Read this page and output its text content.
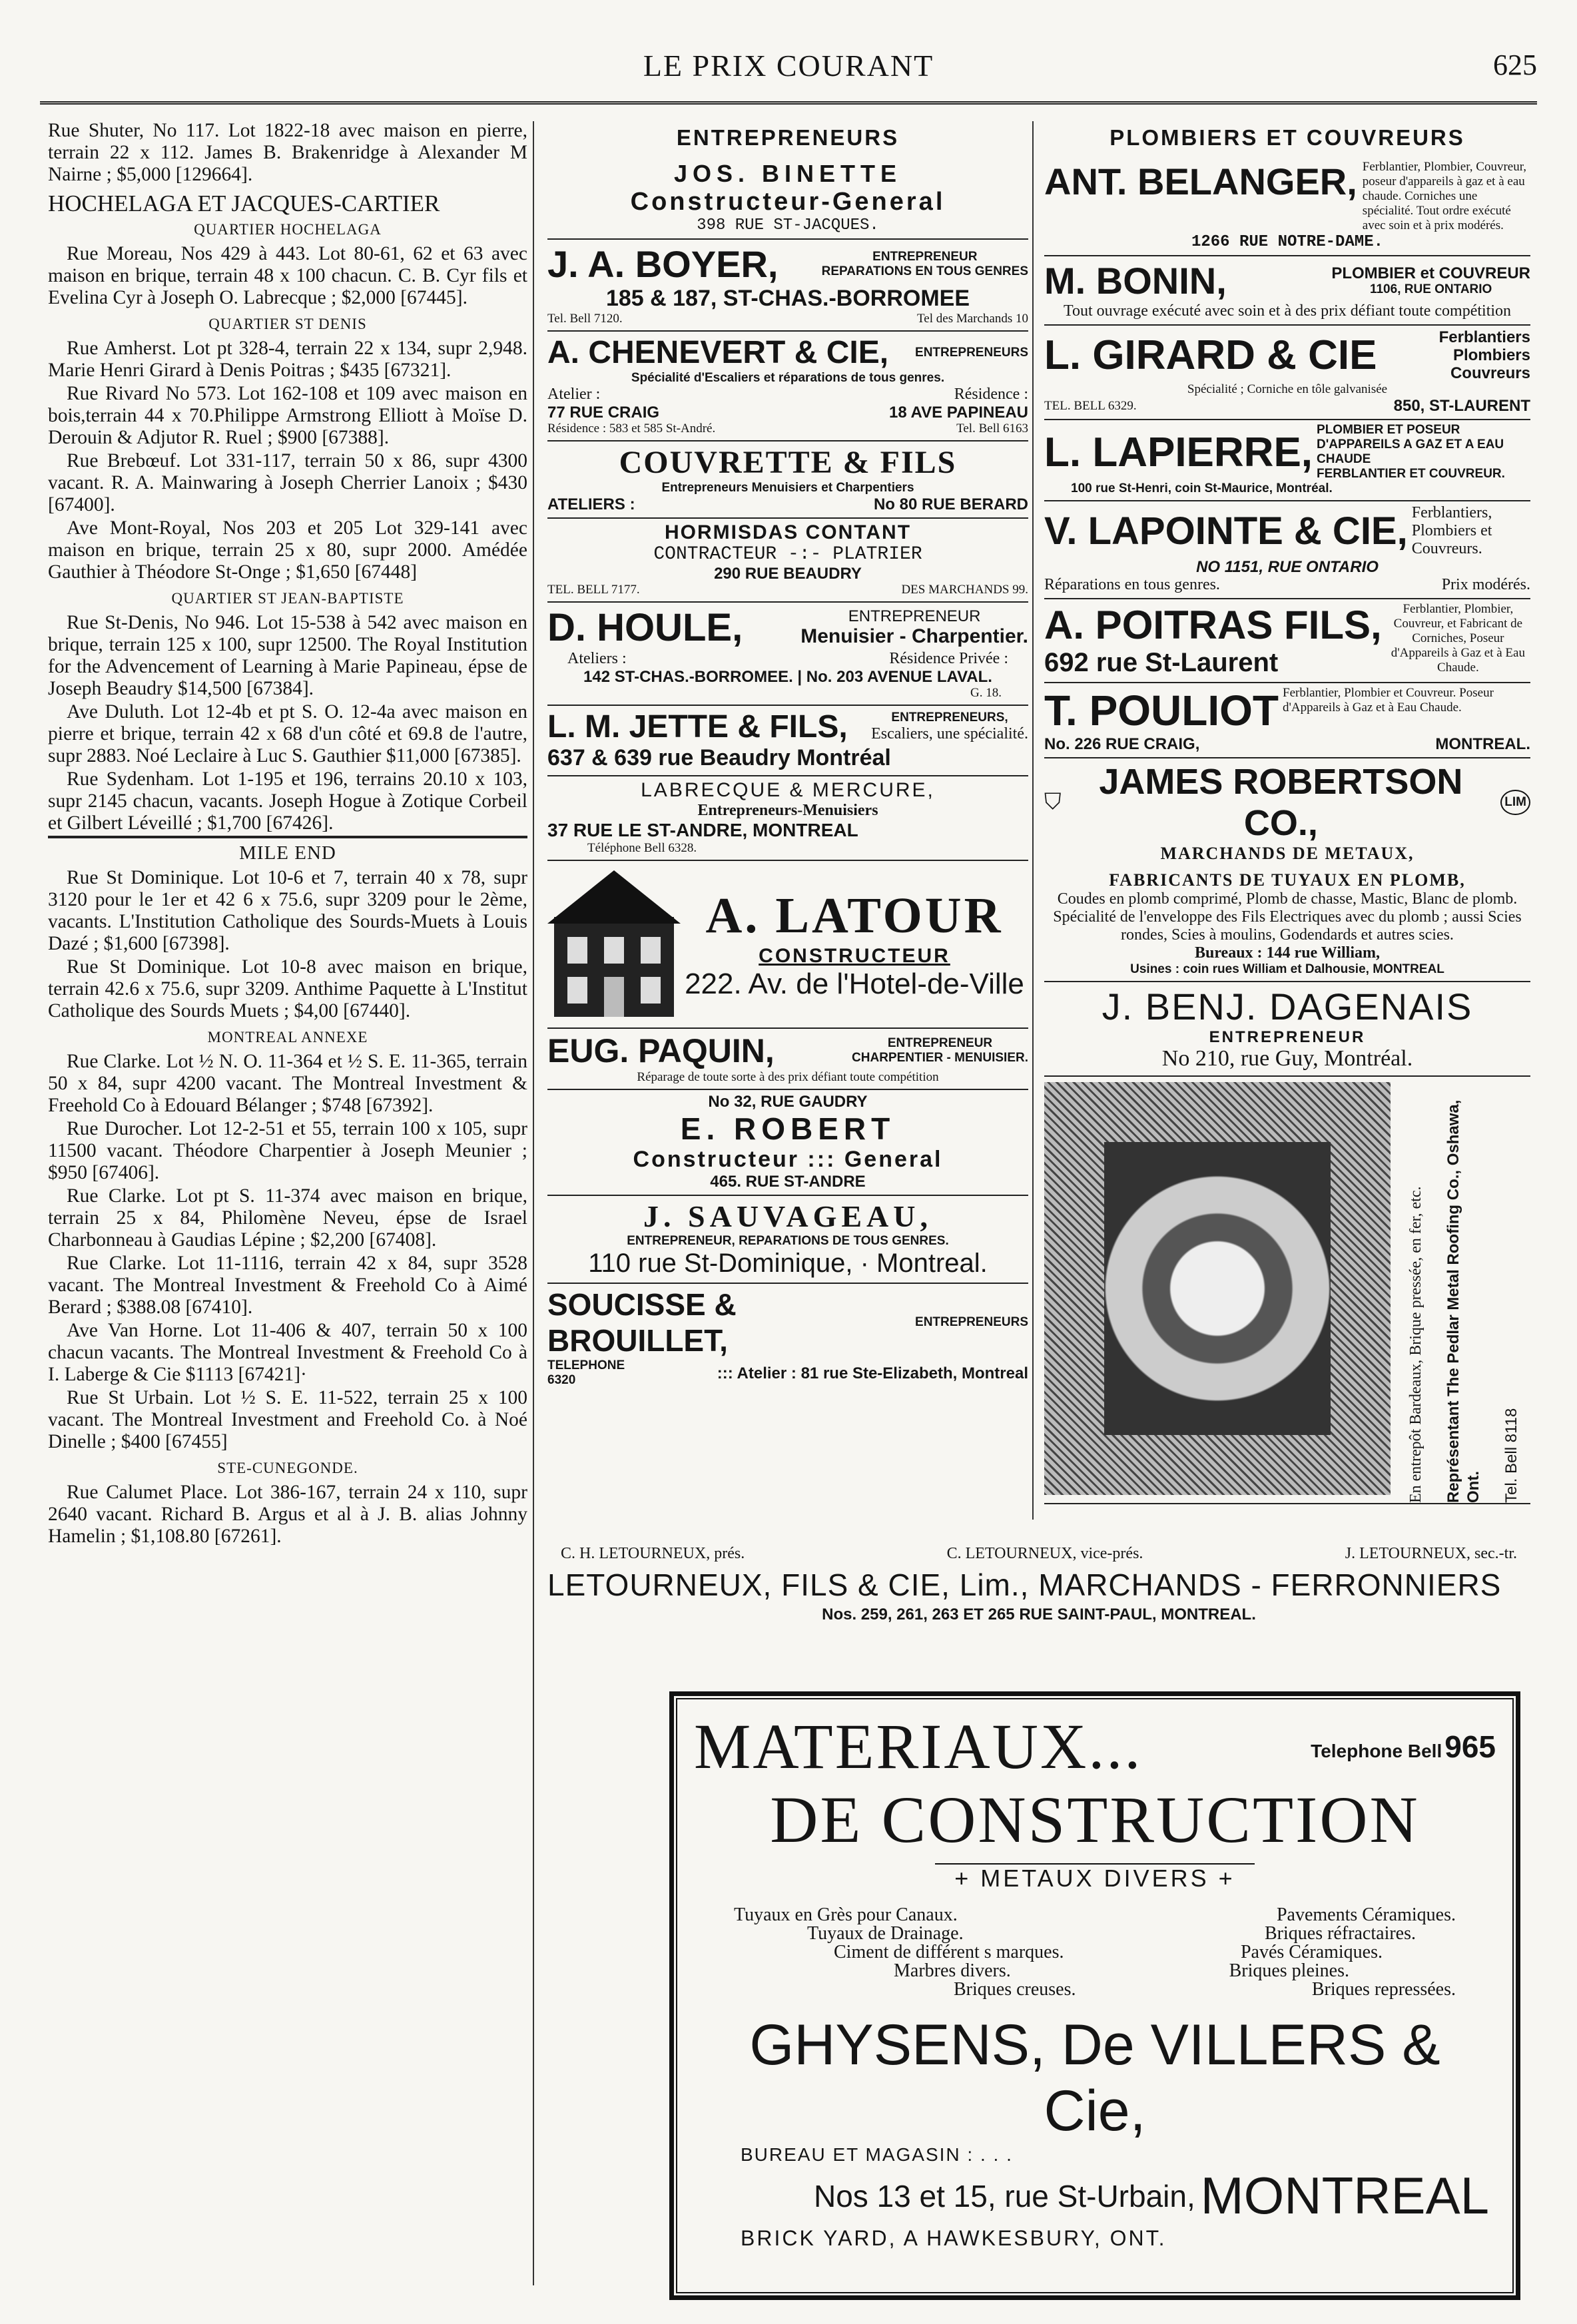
LE PRIX COURANT	625

Rue Shuter, No 117. Lot 1822-18 avec maison en pierre, terrain 22 x 112. James B. Brakenridge à Alexander M Nairne ; $5,000 [129664].

HOCHELAGA ET JACQUES-CARTIER
QUARTIER HOCHELAGA

Rue Moreau, Nos 429 à 443. Lot 80-61, 62 et 63 avec maison en brique, terrain 48 x 100 chacun. C. B. Cyr fils et Evelina Cyr à Joseph O. Labrecque ; $2,000 [67445].

QUARTIER ST DENIS

Rue Amherst. Lot pt 328-4, terrain 22 x 134, supr 2,948. Marie Henri Girard à Denis Poitras ; $435 [67321].

Rue Rivard No 573. Lot 162-108 et 109 avec maison en bois,terrain 44 x 70.Philippe Armstrong Elliott à Moïse D. Derouin & Adjutor R. Ruel ; $900 [67388].

Rue Brebœuf. Lot 331-117, terrain 50 x 86, supr 4300 vacant. R. A. Mainwaring à Joseph Cherrier Lanoix ; $430 [67400].

Ave Mont-Royal, Nos 203 et 205 Lot 329-141 avec maison en brique, terrain 25 x 80, supr 2000. Amédée Gauthier à Théodore St-Onge ; $1,650 [67448]

QUARTIER ST JEAN-BAPTISTE

Rue St-Denis, No 946. Lot 15-538 à 542 avec maison en brique, terrain 125 x 100, supr 12500. The Royal Institution for the Advencement of Learning à Marie Papineau, épse de Joseph Beaudry $14,500 [67384].

Ave Duluth. Lot 12-4b et pt S. O. 12-4a avec maison en pierre et brique, terrain 42 x 68 d'un côté et 69.8 de l'autre, supr 2883. Noé Leclaire à Luc S. Gauthier $11,000 [67385].

Rue Sydenham. Lot 1-195 et 196, terrains 20.10 x 103, supr 2145 chacun, vacants. Joseph Hogue à Zotique Corbeil et Gilbert Léveillé ; $1,700 [67426].

MILE END

Rue St Dominique. Lot 10-6 et 7, terrain 40 x 78, supr 3120 pour le 1er et 42 6 x 75.6, supr 3209 pour le 2ème, vacants. L'Institution Catholique des Sourds-Muets à Louis Dazé ; $1,600 [67398].

Rue St Dominique. Lot 10-8 avec maison en brique, terrain 42.6 x 75.6, supr 3209. Anthime Paquette à L'Institut Catholique des Sourds Muets ; $4,00 [67440].

MONTREAL ANNEXE

Rue Clarke. Lot ½ N. O. 11-364 et ½ S. E. 11-365, terrain 50 x 84, supr 4200 vacant. The Montreal Investment & Freehold Co à Edouard Bélanger ; $748 [67392].

Rue Durocher. Lot 12-2-51 et 55, terrain 100 x 105, supr 11500 vacant. Théodore Charpentier à Joseph Meunier ; $950 [67406].

Rue Clarke. Lot pt S. 11-374 avec maison en brique, terrain 25 x 84, Philomène Neveu, épse de Israel Charbonneau à Gaudias Lépine ; $2,200 [67408].

Rue Clarke. Lot 11-1116, terrain 42 x 84, supr 3528 vacant. The Montreal Investment & Freehold Co à Aimé Berard ; $388.08 [67410].

Ave Van Horne. Lot 11-406 & 407, terrain 50 x 100 chacun vacants. The Montreal Investment & Freehold Co à I. Laberge & Cie $1113 [67421]·

Rue St Urbain. Lot ½ S. E. 11-522, terrain 25 x 100 vacant. The Montreal Investment and Freehold Co. à Noé Dinelle ; $400 [67455]

STE-CUNEGONDE.

Rue Calumet Place. Lot 386-167, terrain 24 x 110, supr 2640 vacant. Richard B. Argus et al à J. B. alias Johnny Hamelin ; $1,108.80 [67261].

ENTREPRENEURS
JOS. BINETTE
Constructeur-General
398 RUE ST-JACQUES.
J. A. BOYER,	ENTREPRENEUR
REPARATIONS EN TOUS GENRES
185 & 187, ST-CHAS.-BORROMEE
Tel. Bell 7120.	Tel des Marchands 10
A. CHENEVERT & CIE, ENTREPRENEURS
Spécialité d'Escaliers et réparations de tous genres.
Atelier :	Résidence :
77 RUE CRAIG	18 AVE PAPINEAU
Résidence : 583 et 585 St-André.	Tel. Bell 6163
COUVRETTE & FILS
Entrepreneurs Menuisiers et Charpentiers
ATELIERS :	No 80 RUE BERARD
HORMISDAS CONTANT
CONTRACTEUR -:- PLATRIER
290 RUE BEAUDRY
TEL. BELL 7177.	DES MARCHANDS 99.
D. HOULE,	ENTREPRENEUR
Menuisier - Charpentier.
Ateliers :	Résidence Privée :
142 ST-CHAS.-BORROMEE. | No. 203 AVENUE LAVAL.
G. 18.
L. M. JETTE & FILS,	ENTREPRENEURS,
Escaliers, une spécialité.
637 & 639 rue Beaudry Montréal
LABRECQUE & MERCURE,
Entrepreneurs-Menuisiers
37 RUE LE ST-ANDRE, MONTREAL
Téléphone Bell 6328.
A. LATOUR
CONSTRUCTEUR
222. Av. de l'Hotel-de-Ville
EUG. PAQUIN,	ENTREPRENEUR
CHARPENTIER - MENUISIER.
Réparage de toute sorte à des prix défiant toute compétition
No 32, RUE GAUDRY
E. ROBERT
Constructeur ::: General
465. RUE ST-ANDRE
J. SAUVAGEAU,
ENTREPRENEUR, REPARATIONS DE TOUS GENRES.
110 rue St-Dominique, · Montreal.
SOUCISSE & BROUILLET,
ENTREPRENEURS
TELEPHONE
6320	::: Atelier : 81 rue Ste-Elizabeth, Montreal
PLOMBIERS ET COUVREURS
ANT. BELANGER, Ferblantier, Plombier, Couvreur, poseur d'appareils à gaz et à eau chaude. Corniches une spécialité. Tout ordre exécuté avec soin et à prix modérés.
1266 RUE NOTRE-DAME.
M. BONIN,	PLOMBIER et COUVREUR
1106, RUE ONTARIO
Tout ouvrage exécuté avec soin et à des prix défiant toute compétition
L. GIRARD & CIE	Ferblantiers
Plombiers
Couvreurs
Spécialité ; Corniche en tôle galvanisée
TEL. BELL 6329.	850, ST-LAURENT
L. LAPIERRE, PLOMBIER ET POSEUR D'APPAREILS A GAZ ET A EAU CHAUDE
FERBLANTIER ET COUVREUR.
100 rue St-Henri, coin St-Maurice, Montréal.
V. LAPOINTE & CIE, Ferblantiers, Plombiers et Couvreurs.
NO 1151, RUE ONTARIO
Réparations en tous genres.	Prix modérés.
A. POITRAS FILS, 692 rue St-Laurent
Ferblantier, Plombier, Couvreur, et Fabricant de Corniches, Poseur d'Appareils à Gaz et à Eau Chaude.
T. POULIOT Ferblantier, Plombier et Couvreur. Poseur d'Appareils à Gaz et à Eau Chaude.
No. 226 RUE CRAIG,	MONTREAL.
⛉
JAMES ROBERTSON CO.,
LIM
MARCHANDS DE METAUX,
FABRICANTS DE TUYAUX EN PLOMB,
Coudes en plomb comprimé, Plomb de chasse, Mastic, Blanc de plomb. Spécialité de l'enveloppe des Fils Electriques avec du plomb ; aussi Scies rondes, Scies à moulins, Godendards et autres scies.
Bureaux : 144 rue William,
Usines : coin rues William et Dalhousie, MONTREAL
J. BENJ. DAGENAIS
ENTREPRENEUR
No 210, rue Guy, Montréal.
En entrepôt Bardeaux, Brique pressée, en fer, etc. Représentant The Pedlar Metal Roofing Co., Oshawa, Ont. Tel. Bell 8118
C. H. LETOURNEUX, prés.	C. LETOURNEUX, vice-prés.	J. LETOURNEUX, sec.-tr.
LETOURNEUX, FILS & CIE, Lim., MARCHANDS - FERRONNIERS
Nos. 259, 261, 263 ET 265 RUE SAINT-PAUL, MONTREAL.
MATERIAUX...	Telephone Bell 965
DE CONSTRUCTION
+ METAUX DIVERS +
Tuyaux en Grès pour Canaux.	Pavements Céramiques.
Tuyaux de Drainage.	Briques réfractaires.
Ciment de différent s marques.	Pavés Céramiques.
Marbres divers.	Briques pleines.
Briques creuses.	Briques repressées.
GHYSENS, De VILLERS & Cie,
BUREAU ET MAGASIN : . . .
Nos 13 et 15, rue St-Urbain, MONTREAL
BRICK YARD, A HAWKESBURY, ONT.
